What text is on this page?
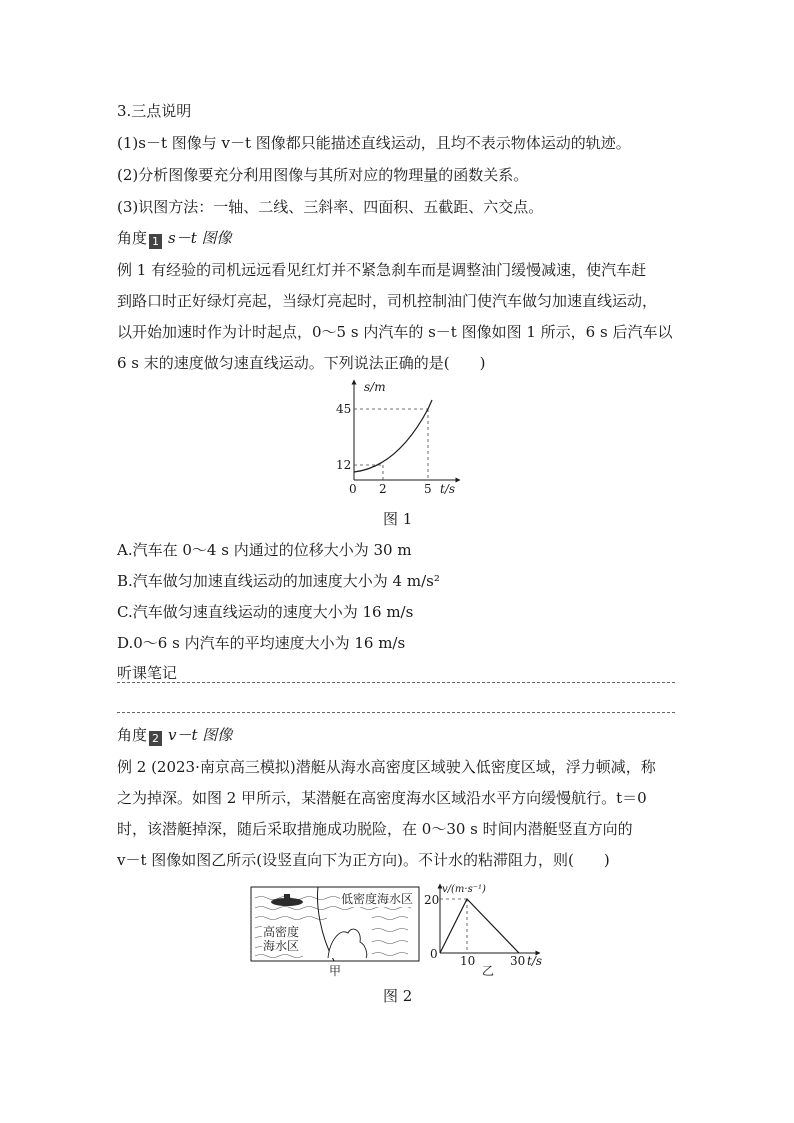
3.三点说明
(1)s－t 图像与 v－t 图像都只能描述直线运动，且均不表示物体运动的轨迹。
(2)分析图像要充分利用图像与其所对应的物理量的函数关系。
(3)识图方法：一轴、二线、三斜率、四面积、五截距、六交点。
角度 1 s－t 图像
例 1 有经验的司机远远看见红灯并不紧急刹车而是调整油门缓慢减速，使汽车赶
到路口时正好绿灯亮起，当绿灯亮起时，司机控制油门使汽车做匀加速直线运动，
以开始加速时作为计时起点，0～5 s 内汽车的 s－t 图像如图 1 所示，6 s 后汽车以
6 s 末的速度做匀速直线运动。下列说法正确的是(　　)
s/m
t/s
45
12
0 2	5
图 1
A.汽车在 0～4 s 内通过的位移大小为 30 m
B.汽车做匀加速直线运动的加速度大小为 4 m/s²
C.汽车做匀速直线运动的速度大小为 16 m/s
D.0～6 s 内汽车的平均速度大小为 16 m/s
听课笔记
角度 2 v－t 图像
例 2 (2023·南京高三模拟)潜艇从海水高密度区域驶入低密度区域，浮力顿减，称
之为掉深。如图 2 甲所示，某潜艇在高密度海水区域沿水平方向缓慢航行。t＝0
时，该潜艇掉深，随后采取措施成功脱险，在 0～30 s 时间内潜艇竖直方向的
v－t 图像如图乙所示(设竖直向下为正方向)。不计水的粘滞阻力，则(　　)
低密度海水区
高密度
海水区
甲
v/(m·s⁻¹)
20
0 10	30 t/s
乙
图 2
